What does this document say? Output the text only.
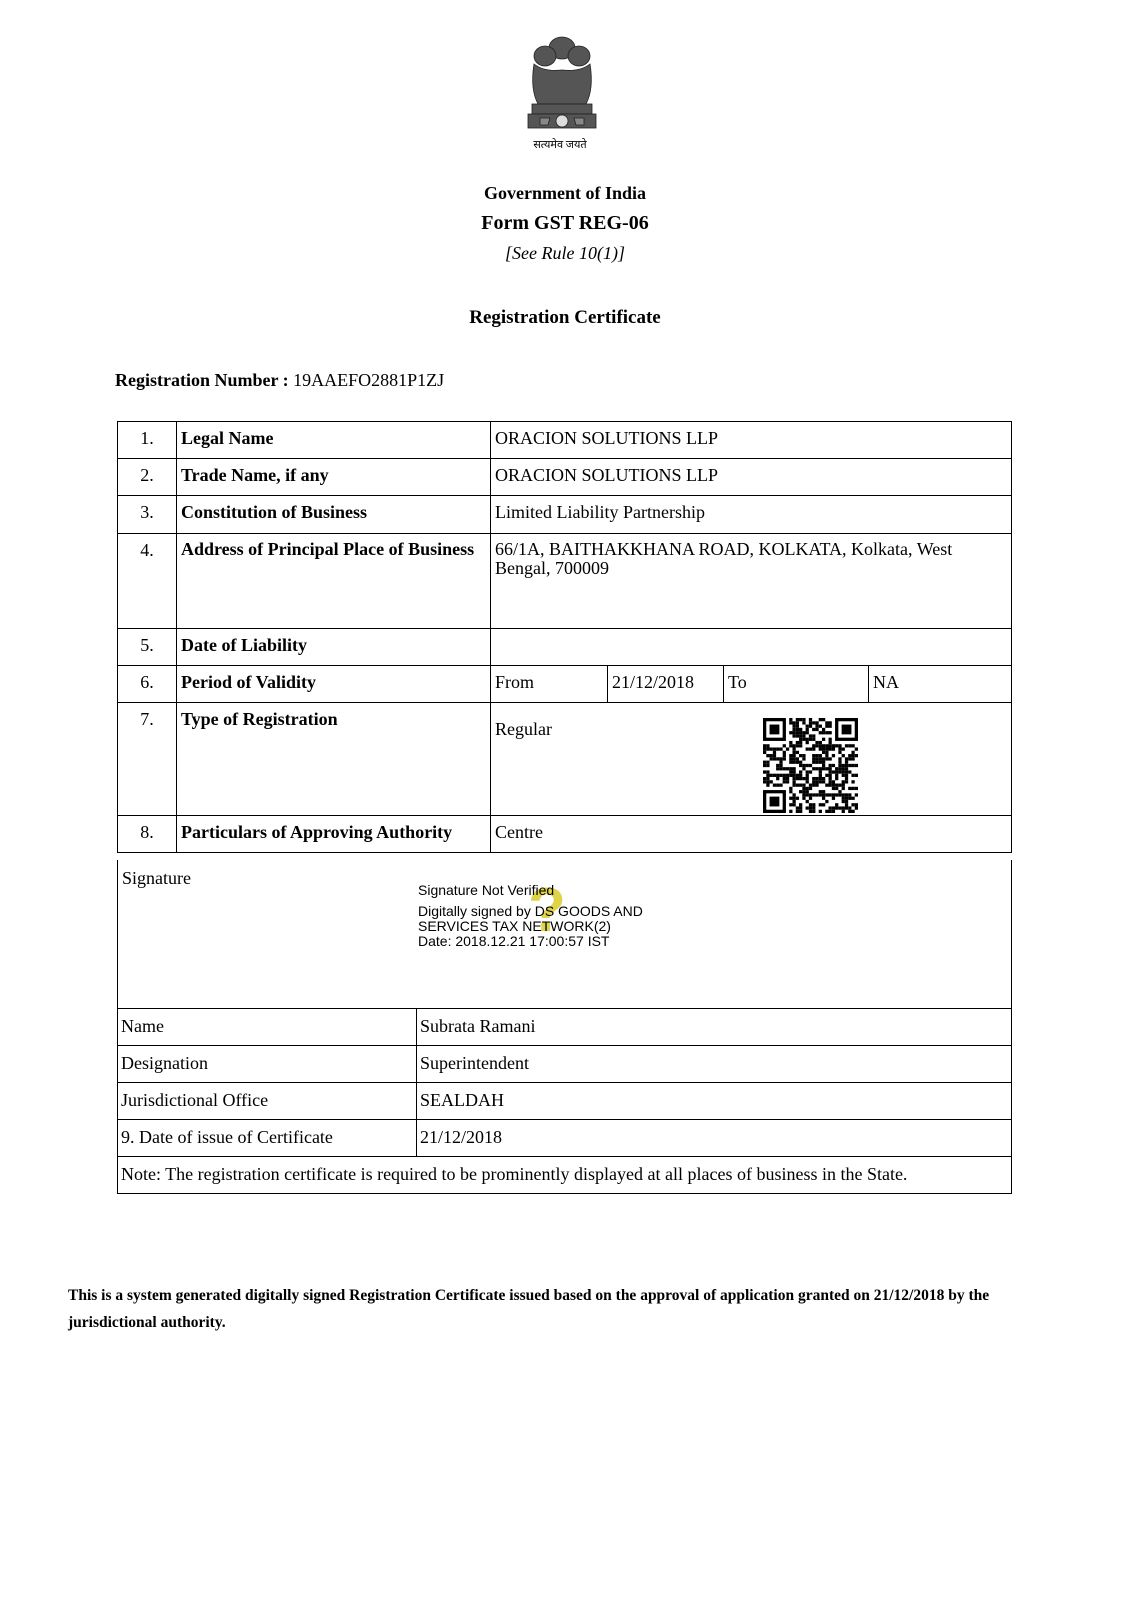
सत्यमेव जयते
Government of India
Form GST REG-06
[See Rule 10(1)]
Registration Certificate
Registration Number : 19AAEFO2881P1ZJ
1.	Legal Name	ORACION SOLUTIONS LLP			
2.	Trade Name, if any	ORACION SOLUTIONS LLP			
3.	Constitution of Business	Limited Liability Partnership			
4.	Address of Principal Place of Business	66/1A, BAITHAKKHANA ROAD, KOLKATA, Kolkata, West Bengal, 700009			
5.	Date of Liability				
6.	Period of Validity	From	21/12/2018	To	NA
7.	Type of Registration	Regular			
8.	Particulars of Approving Authority	Centre			
Signature	?
Signature Not Verified
Digitally signed by DS GOODS AND
SERVICES TAX NETWORK(2)
Date: 2018.12.21 17:00:57 IST
Name	Subrata Ramani
Designation	Superintendent
Jurisdictional Office	SEALDAH
9. Date of issue of Certificate	21/12/2018
Note: The registration certificate is required to be prominently displayed at all places of business in the State.	
This is a system generated digitally signed Registration Certificate issued based on the approval of application granted on 21/12/2018 by the jurisdictional authority.
